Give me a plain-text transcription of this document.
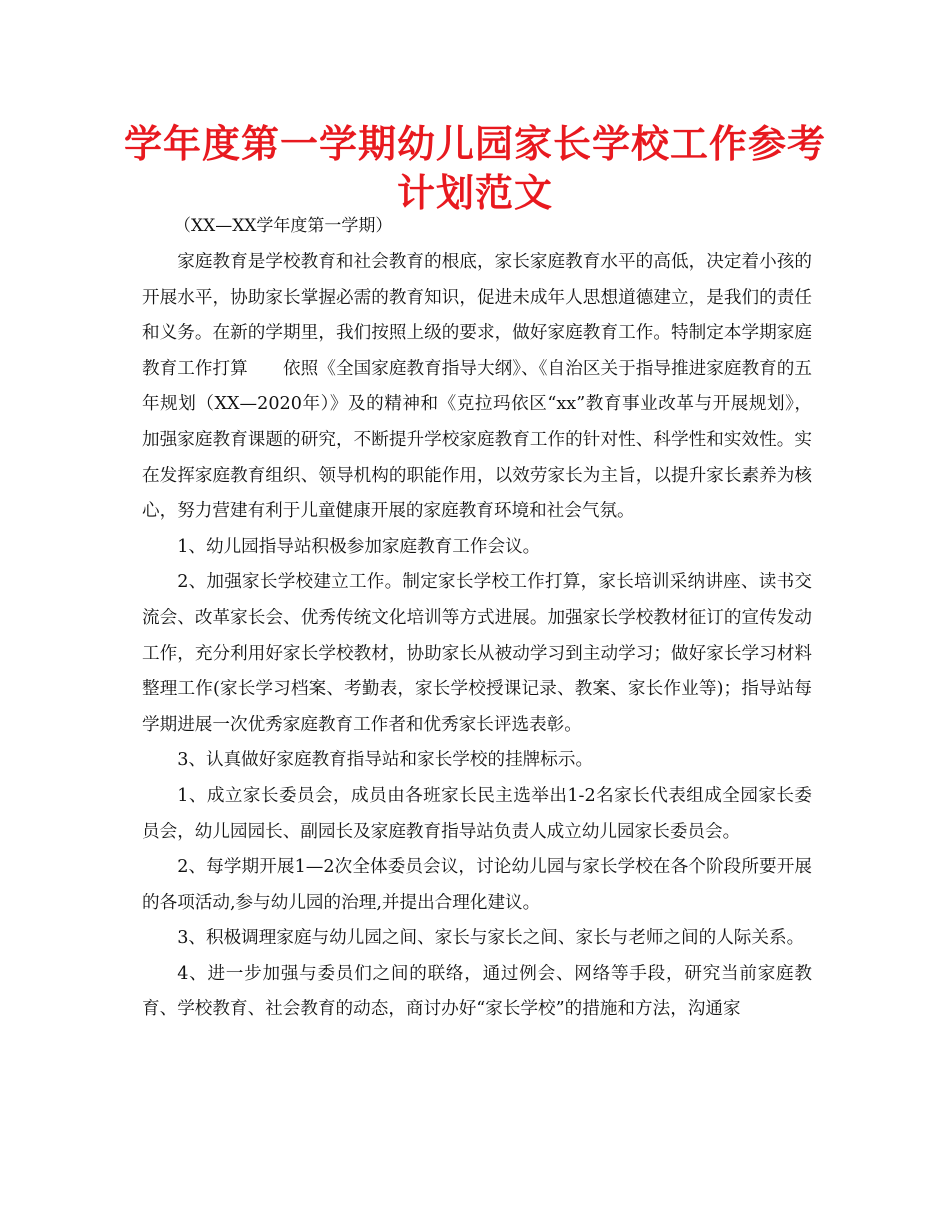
学年度第一学期幼儿园家长学校工作参考计划范文
（XX—XX学年度第一学期）

家庭教育是学校教育和社会教育的根底，家长家庭教育水平的高低，决定着小孩的开展水平，协助家长掌握必需的教育知识，促进未成年人思想道德建立，是我们的责任和义务。在新的学期里，我们按照上级的要求，做好家庭教育工作。特制定本学期家庭教育工作打算　　依照《全国家庭教育指导大纲》、《自治区关于指导推进家庭教育的五年规划（XX—2020年）》及的精神和《克拉玛依区“xx”教育事业改革与开展规划》，加强家庭教育课题的研究，不断提升学校家庭教育工作的针对性、科学性和实效性。实在发挥家庭教育组织、领导机构的职能作用，以效劳家长为主旨，以提升家长素养为核心，努力营建有利于儿童健康开展的家庭教育环境和社会气氛。

1、幼儿园指导站积极参加家庭教育工作会议。

2、加强家长学校建立工作。制定家长学校工作打算，家长培训采纳讲座、读书交流会、改革家长会、优秀传统文化培训等方式进展。加强家长学校教材征订的宣传发动工作，充分利用好家长学校教材，协助家长从被动学习到主动学习；做好家长学习材料整理工作(家长学习档案、考勤表，家长学校授课记录、教案、家长作业等)；指导站每学期进展一次优秀家庭教育工作者和优秀家长评选表彰。

3、认真做好家庭教育指导站和家长学校的挂牌标示。

1、成立家长委员会，成员由各班家长民主选举出1-2名家长代表组成全园家长委员会，幼儿园园长、副园长及家庭教育指导站负责人成立幼儿园家长委员会。

2、每学期开展1—2次全体委员会议，讨论幼儿园与家长学校在各个阶段所要开展的各项活动,参与幼儿园的治理,并提出合理化建议。

3、积极调理家庭与幼儿园之间、家长与家长之间、家长与老师之间的人际关系。

4、进一步加强与委员们之间的联络，通过例会、网络等手段，研究当前家庭教育、学校教育、社会教育的动态，商讨办好“家长学校”的措施和方法，沟通家
